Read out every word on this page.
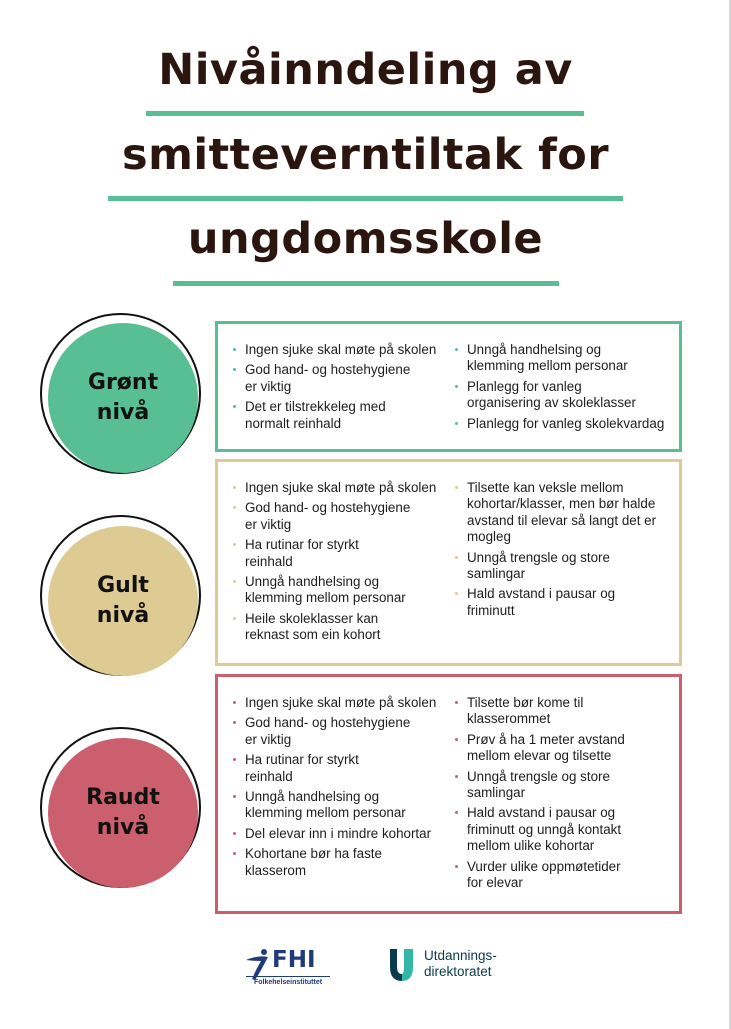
Nivåinndeling av
smitteverntiltak for
ungdomsskole
Grønt
nivå
Ingen sjuke skal møte på skolen
God hand- og hostehygiene
er viktig
Det er tilstrekkeleg med
normalt reinhald
Unngå handhelsing og
klemming mellom personar
Planlegg for vanleg
organisering av skoleklasser
Planlegg for vanleg skolekvardag
Gult
nivå
Ingen sjuke skal møte på skolen
God hand- og hostehygiene
er viktig
Ha rutinar for styrkt
reinhald
Unngå handhelsing og
klemming mellom personar
Heile skoleklasser kan
reknast som ein kohort
Tilsette kan veksle mellom
kohortar/klasser, men bør halde
avstand til elevar så langt det er
mogleg
Unngå trengsle og store
samlingar
Hald avstand i pausar og
friminutt
Raudt
nivå
Ingen sjuke skal møte på skolen
God hand- og hostehygiene
er viktig
Ha rutinar for styrkt
reinhald
Unngå handhelsing og
klemming mellom personar
Del elevar inn i mindre kohortar
Kohortane bør ha faste
klasserom
Tilsette bør kome til
klasserommet
Prøv å ha 1 meter avstand
mellom elevar og tilsette
Unngå trengsle og store
samlingar
Hald avstand i pausar og
friminutt og unngå kontakt
mellom ulike kohortar
Vurder ulike oppmøtetider
for elevar
FHI
Folkehelseinstituttet
Utdannings-
direktoratet
